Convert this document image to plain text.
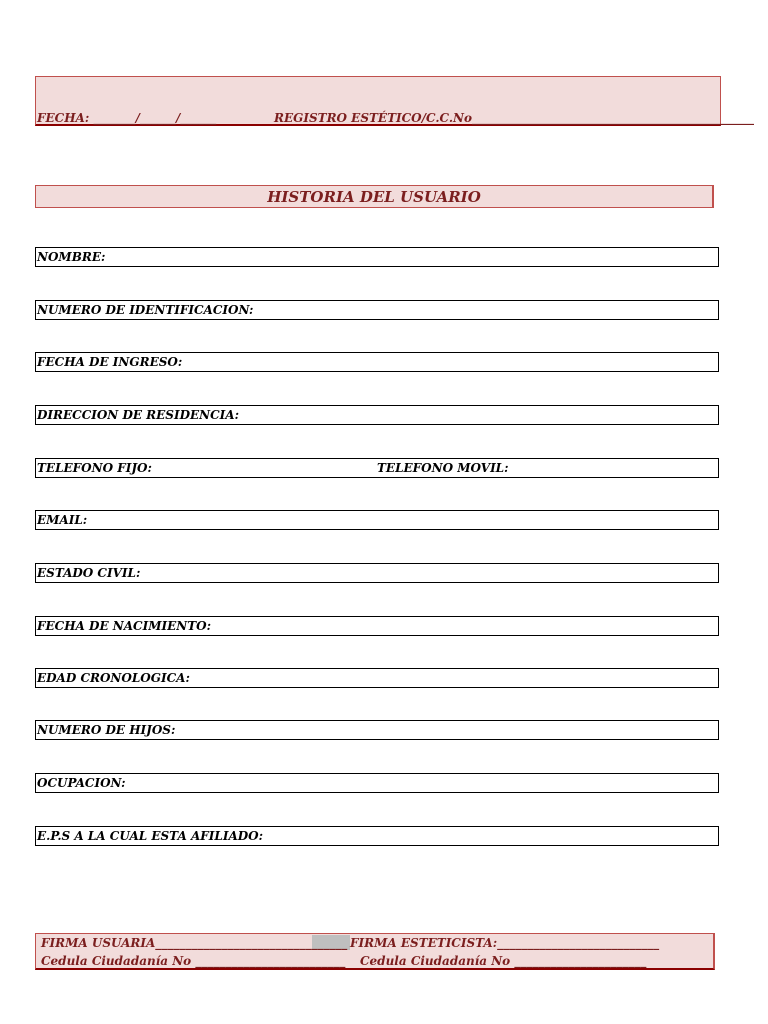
FECHA: _______/______/______	REGISTRO ESTÉTICO/C.C.No_______________________________________________
HISTORIA DEL USUARIO
NOMBRE:
NUMERO DE IDENTIFICACION:
FECHA DE INGRESO:
DIRECCION DE RESIDENCIA:
TELEFONO FIJO:	TELEFONO MOVIL:
EMAIL:
ESTADO CIVIL:
FECHA DE NACIMIENTO:
EDAD CRONOLOGICA:
NUMERO DE HIJOS:
OCUPACION:
E.P.S A LA CUAL ESTA AFILIADO:
FIRMA USUARIA________________________________ FIRMA ESTETICISTA:___________________________
Cedula Ciudadanía No _________________________ Cedula Ciudadanía No ______________________
